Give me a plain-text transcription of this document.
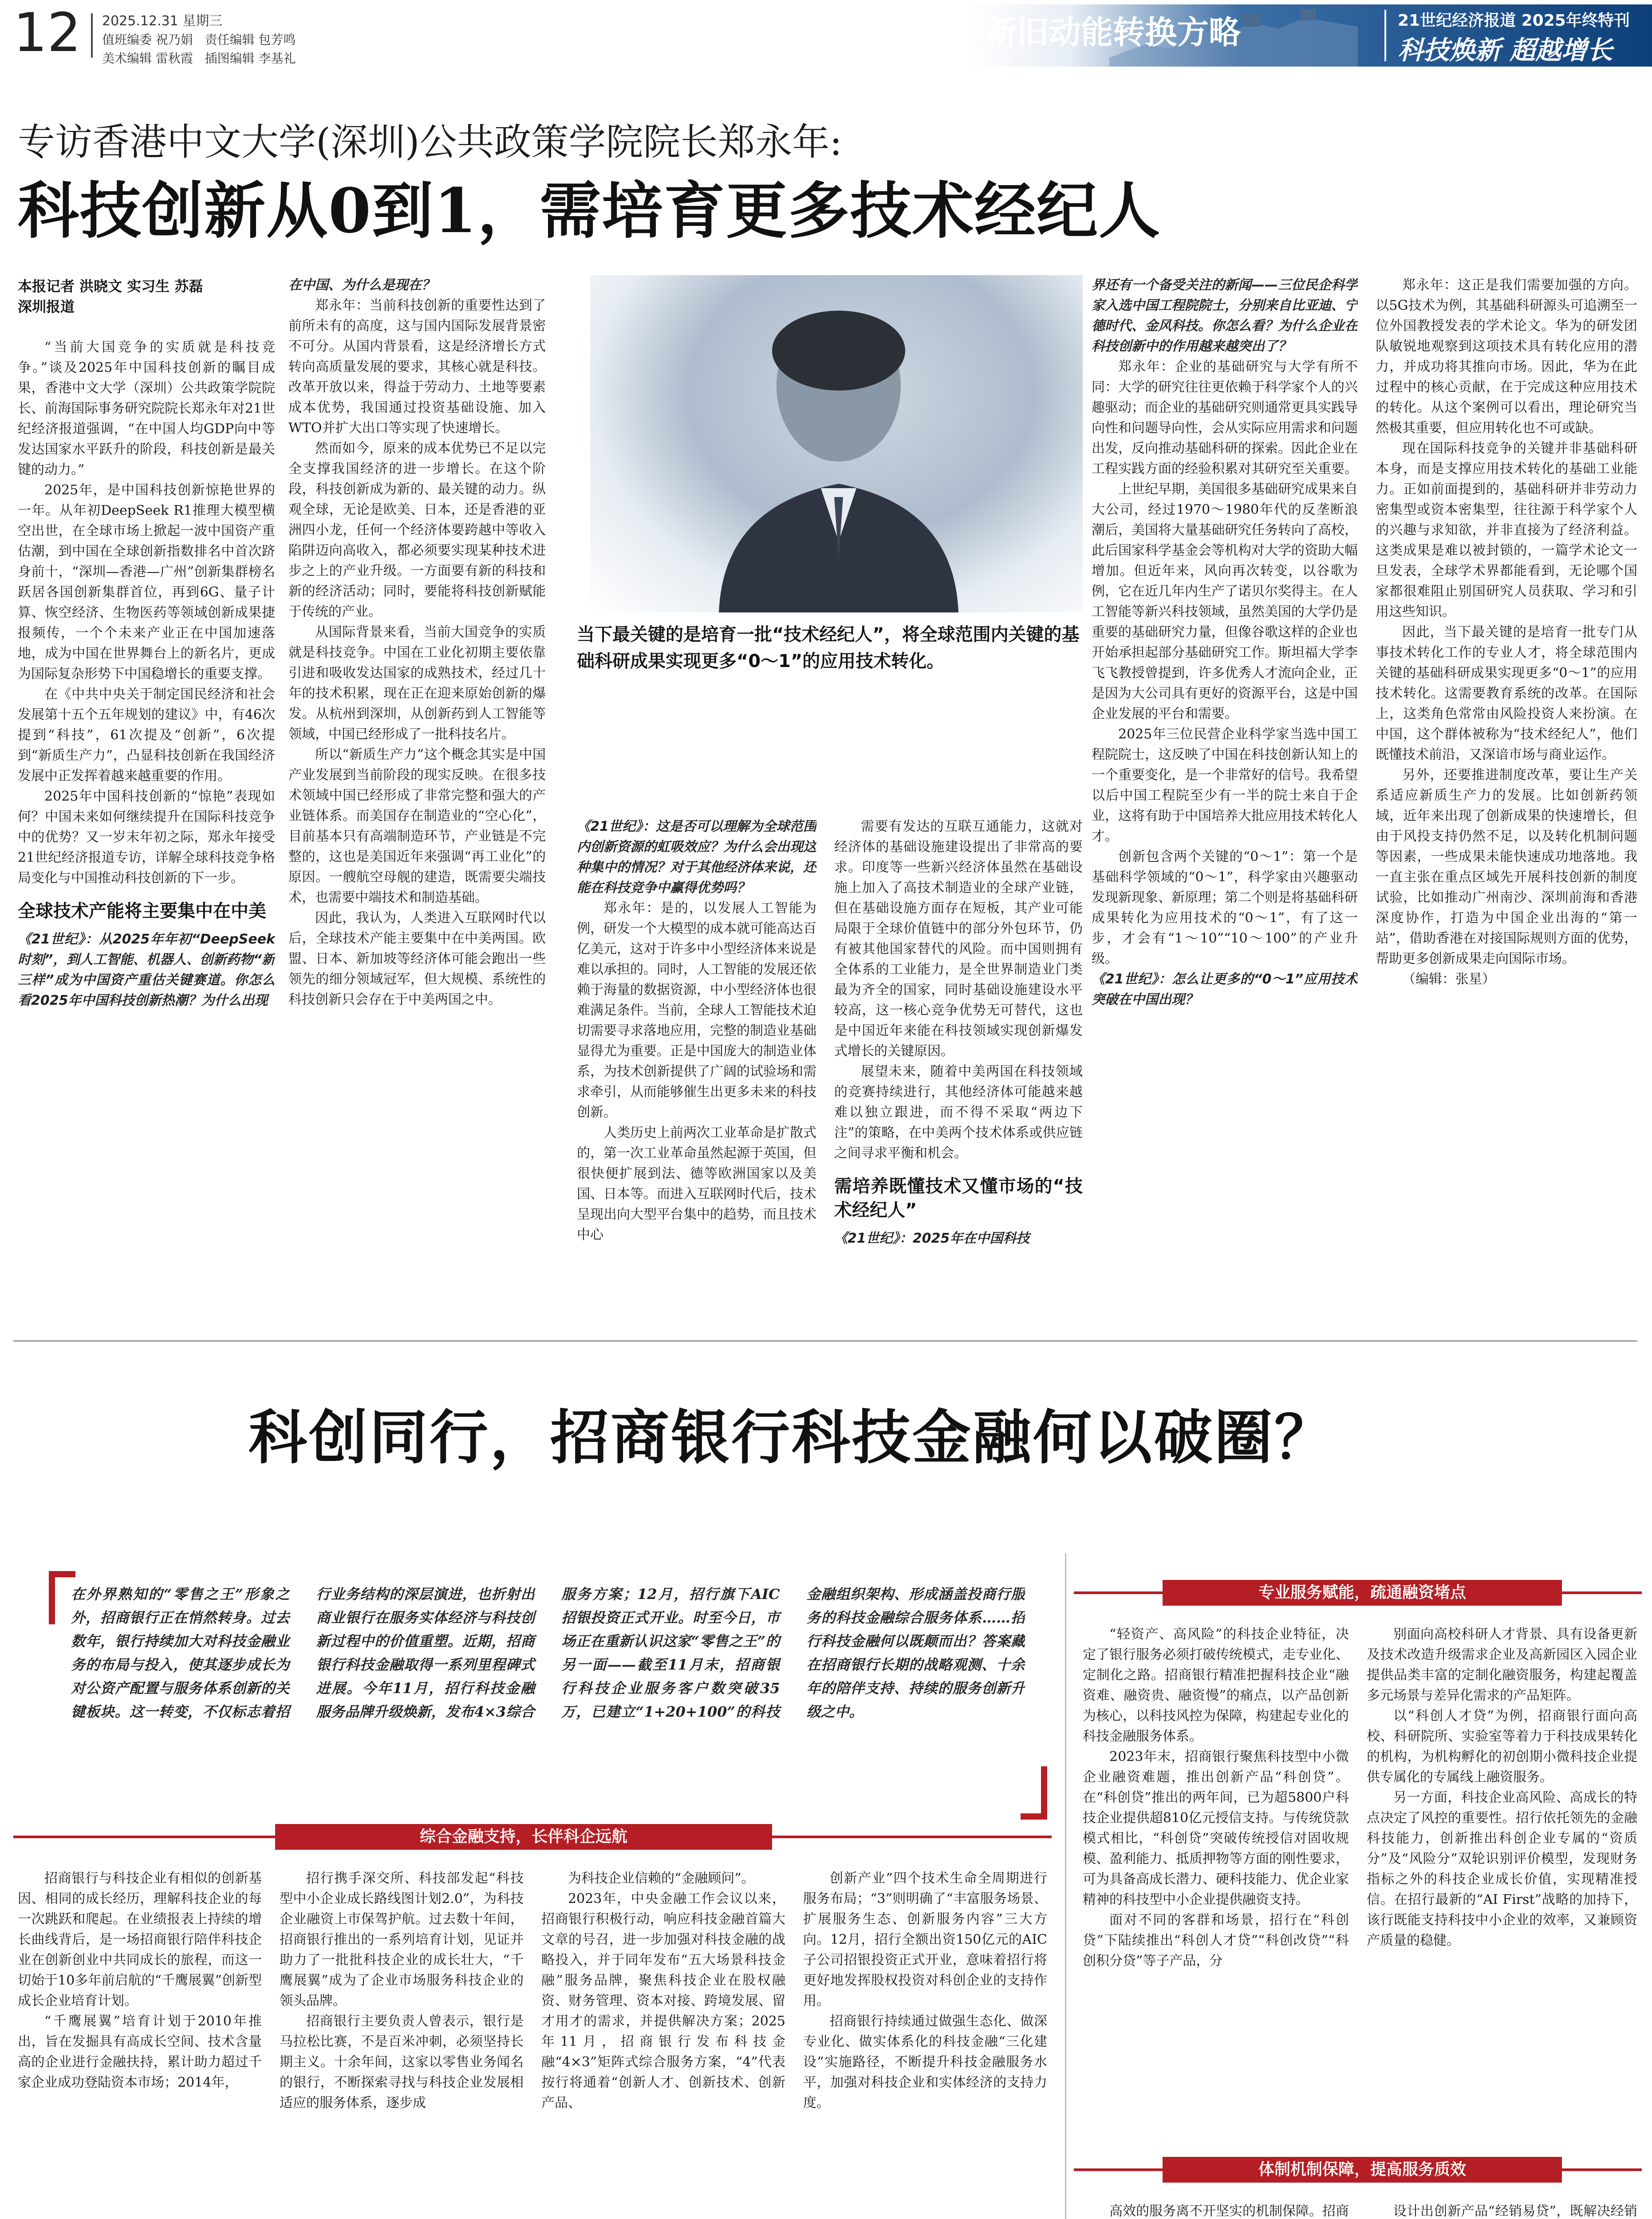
12 2025.12.31 星期三
值班编委 祝乃娟   责任编辑 包芳鸣
美术编辑 雷秋霞   插图编辑 李基礼
新旧动能转换方略	21世纪经济报道 2025年终特刊
科技焕新 超越增长
专访香港中文大学(深圳)公共政策学院院长郑永年:
科技创新从0到1，需培育更多技术经纪人
当下最关键的是培育一批“技术经纪人”，将全球范围内关键的基础科研成果实现更多“0～1”的应用技术转化。
本报记者 洪晓文 实习生 苏磊
深圳报道

“当前大国竞争的实质就是科技竞争。”谈及2025年中国科技创新的瞩目成果，香港中文大学（深圳）公共政策学院院长、前海国际事务研究院院长郑永年对21世纪经济报道强调，“在中国人均GDP向中等发达国家水平跃升的阶段，科技创新是最关键的动力。”

2025年，是中国科技创新惊艳世界的一年。从年初DeepSeek R1推理大模型横空出世，在全球市场上掀起一波中国资产重估潮，到中国在全球创新指数排名中首次跻身前十，“深圳—香港—广州”创新集群榜名跃居各国创新集群首位，再到6G、量子计算、恢空经济、生物医药等领域创新成果捷报频传，一个个未来产业正在中国加速落地，成为中国在世界舞台上的新名片，更成为国际复杂形势下中国稳增长的重要支撑。

在《中共中央关于制定国民经济和社会发展第十五个五年规划的建议》中，有46次提到“科技”，61次提及“创新”，6次提到“新质生产力”，凸显科技创新在我国经济发展中正发挥着越来越重要的作用。

2025年中国科技创新的“惊艳”表现如何？中国未来如何继续提升在国际科技竞争中的优势？又一岁末年初之际，郑永年接受21世纪经济报道专访，详解全球科技竞争格局变化与中国推动科技创新的下一步。

全球技术产能将主要集中在中美

《21世纪》：从2025年年初“DeepSeek时刻”，到人工智能、机器人、创新药物“新三样”成为中国资产重估关键赛道。你怎么看2025年中国科技创新热潮？为什么出现

在中国、为什么是现在？

郑永年：当前科技创新的重要性达到了前所未有的高度，这与国内国际发展背景密不可分。从国内背景看，这是经济增长方式转向高质量发展的要求，其核心就是科技。改革开放以来，得益于劳动力、土地等要素成本优势，我国通过投资基础设施、加入WTO并扩大出口等实现了快速增长。

然而如今，原来的成本优势已不足以完全支撑我国经济的进一步增长。在这个阶段，科技创新成为新的、最关键的动力。纵观全球，无论是欧美、日本，还是香港的亚洲四小龙，任何一个经济体要跨越中等收入陷阱迈向高收入，都必须要实现某种技术进步之上的产业升级。一方面要有新的科技和新的经济活动；同时，要能将科技创新赋能于传统的产业。

从国际背景来看，当前大国竞争的实质就是科技竞争。中国在工业化初期主要依靠引进和吸收发达国家的成熟技术，经过几十年的技术积累，现在正在迎来原始创新的爆发。从杭州到深圳，从创新药到人工智能等领域，中国已经形成了一批科技名片。

所以“新质生产力”这个概念其实是中国产业发展到当前阶段的现实反映。在很多技术领域中国已经形成了非常完整和强大的产业链体系。而美国存在制造业的“空心化”，目前基本只有高端制造环节，产业链是不完整的，这也是美国近年来强调“再工业化”的原因。一艘航空母舰的建造，既需要尖端技术，也需要中端技术和制造基础。

因此，我认为，人类进入互联网时代以后，全球技术产能主要集中在中美两国。欧盟、日本、新加坡等经济体可能会跑出一些领先的细分领域冠军，但大规模、系统性的科技创新只会存在于中美两国之中。

《21世纪》：这是否可以理解为全球范围内创新资源的虹吸效应？为什么会出现这种集中的情况？对于其他经济体来说，还能在科技竞争中赢得优势吗？

郑永年：是的，以发展人工智能为例，研发一个大模型的成本就可能高达百亿美元，这对于许多中小型经济体来说是难以承担的。同时，人工智能的发展还依赖于海量的数据资源，中小型经济体也很难满足条件。当前，全球人工智能技术迫切需要寻求落地应用，完整的制造业基础显得尤为重要。正是中国庞大的制造业体系，为技术创新提供了广阔的试验场和需求牵引，从而能够催生出更多未来的科技创新。

人类历史上前两次工业革命是扩散式的，第一次工业革命虽然起源于英国，但很快便扩展到法、德等欧洲国家以及美国、日本等。而进入互联网时代后，技术呈现出向大型平台集中的趋势，而且技术中心

需要有发达的互联互通能力，这就对经济体的基础设施建设提出了非常高的要求。印度等一些新兴经济体虽然在基础设施上加入了高技术制造业的全球产业链，但在基础设施方面存在短板，其产业可能局限于全球价值链中的部分外包环节，仍有被其他国家替代的风险。而中国则拥有全体系的工业能力，是全世界制造业门类最为齐全的国家，同时基础设施建设水平较高，这一核心竞争优势无可替代，这也是中国近年来能在科技领域实现创新爆发式增长的关键原因。

展望未来，随着中美两国在科技领域的竞赛持续进行，其他经济体可能越来越难以独立跟进，而不得不采取“两边下注”的策略，在中美两个技术体系或供应链之间寻求平衡和机会。

需培养既懂技术又懂市场的“技术经纪人”

《21世纪》：2025年在中国科技

界还有一个备受关注的新闻——三位民企科学家入选中国工程院院士，分别来自比亚迪、宁德时代、金风科技。你怎么看？为什么企业在科技创新中的作用越来越突出了？

郑永年：企业的基础研究与大学有所不同：大学的研究往往更依赖于科学家个人的兴趣驱动；而企业的基础研究则通常更具实践导向性和问题导向性，会从实际应用需求和问题出发，反向推动基础科研的探索。因此企业在工程实践方面的经验积累对其研究至关重要。

上世纪早期，美国很多基础研究成果来自大公司，经过1970～1980年代的反垄断浪潮后，美国将大量基础研究任务转向了高校，此后国家科学基金会等机构对大学的资助大幅增加。但近年来，风向再次转变，以谷歌为例，它在近几年内生产了诺贝尔奖得主。在人工智能等新兴科技领域，虽然美国的大学仍是重要的基础研究力量，但像谷歌这样的企业也开始承担起部分基础研究工作。斯坦福大学李飞飞教授曾提到，许多优秀人才流向企业，正是因为大公司具有更好的资源平台，这是中国企业发展的平台和需要。

2025年三位民营企业科学家当选中国工程院院士，这反映了中国在科技创新认知上的一个重要变化，是一个非常好的信号。我希望以后中国工程院至少有一半的院士来自于企业，这将有助于中国培养大批应用技术转化人才。

创新包含两个关键的“0～1”：第一个是基础科学领域的“0～1”，科学家由兴趣驱动发现新现象、新原理；第二个则是将基础科研成果转化为应用技术的“0～1”，有了这一步，才会有“1～10”“10～100”的产业升级。

《21世纪》：怎么让更多的“0～1”应用技术突破在中国出现？

郑永年：这正是我们需要加强的方向。以5G技术为例，其基础科研源头可追溯至一位外国教授发表的学术论文。华为的研发团队敏锐地观察到这项技术具有转化应用的潜力，并成功将其推向市场。因此，华为在此过程中的核心贡献，在于完成这种应用技术的转化。从这个案例可以看出，理论研究当然极其重要，但应用转化也不可或缺。

现在国际科技竞争的关键并非基础科研本身，而是支撑应用技术转化的基础工业能力。正如前面提到的，基础科研并非劳动力密集型或资本密集型，往往源于科学家个人的兴趣与求知欲，并非直接为了经济利益。这类成果是难以被封锁的，一篇学术论文一旦发表，全球学术界都能看到，无论哪个国家都很难阻止别国研究人员获取、学习和引用这些知识。

因此，当下最关键的是培育一批专门从事技术转化工作的专业人才，将全球范围内关键的基础科研成果实现更多“0～1”的应用技术转化。这需要教育系统的改革。在国际上，这类角色常常由风险投资人来扮演。在中国，这个群体被称为“技术经纪人”，他们既懂技术前沿，又深谙市场与商业运作。

另外，还要推进制度改革，要让生产关系适应新质生产力的发展。比如创新药领域，近年来出现了创新成果的快速增长，但由于风投支持仍然不足，以及转化机制问题等因素，一些成果未能快速成功地落地。我一直主张在重点区域先开展科技创新的制度试验，比如推动广州南沙、深圳前海和香港深度协作，打造为中国企业出海的“第一站”，借助香港在对接国际规则方面的优势，帮助更多创新成果走向国际市场。

（编辑：张星）

科创同行，招商银行科技金融何以破圈？
在外界熟知的“零售之王”形象之外，招商银行正在悄然转身。过去数年，银行持续加大对科技金融业务的布局与投入，使其逐步成长为对公资产配置与服务体系创新的关键板块。这一转变，不仅标志着招行业务结构的深层演进，也折射出商业银行在服务实体经济与科技创新过程中的价值重塑。近期，招商银行科技金融取得一系列里程碑式进展。今年11月，招行科技金融服务品牌升级焕新，发布4×3综合服务方案；12月，招行旗下AIC招银投资正式开业。时至今日，市场正在重新认识这家“零售之王”的另一面——截至11月末，招商银行科技企业服务客户数突破35万，已建立“1+20+100”的科技金融组织架构、形成涵盖投商行服务的科技金融综合服务体系……招行科技金融何以既颠而出？答案藏在招商银行长期的战略观测、十余年的陪伴支持、持续的服务创新升级之中。
综合金融支持，长伴科企远航

招商银行与科技企业有相似的创新基因、相同的成长经历，理解科技企业的每一次跳跃和爬起。在业绩报表上持续的增长曲线背后，是一场招商银行陪伴科技企业在创新创业中共同成长的旅程，而这一切始于10多年前启航的“千鹰展翼”创新型成长企业培育计划。

“千鹰展翼”培育计划于2010年推出，旨在发掘具有高成长空间、技术含量高的企业进行金融扶持，累计助力超过千家企业成功登陆资本市场；2014年，

招行携手深交所、科技部发起“科技型中小企业成长路线图计划2.0”，为科技企业融资上市保驾护航。过去数十年间，招商银行推出的一系列培育计划，见证并助力了一批批科技企业的成长壮大，“千鹰展翼”成为了企业市场服务科技企业的领头品牌。

招商银行主要负责人曾表示，银行是马拉松比赛，不是百米冲刺，必须坚持长期主义。十余年间，这家以零售业务闻名的银行，不断探索寻找与科技企业发展相适应的服务体系，逐步成

为科技企业信赖的“金融顾问”。

2023年，中央金融工作会议以来，招商银行积极行动，响应科技金融首篇大文章的号召，进一步加强对科技金融的战略投入，并于同年发布“五大场景科技金融”服务品牌，聚焦科技企业在股权融资、财务管理、资本对接、跨境发展、留才用才的需求，并提供解决方案；2025年11月，招商银行发布科技金融“4×3”矩阵式综合服务方案，“4”代表按行将通着“创新人才、创新技术、创新产品、

创新产业”四个技术生命全周期进行服务布局；“3”则明确了“丰富服务场景、扩展服务生态、创新服务内容”三大方向。12月，招行全额出资150亿元的AIC子公司招银投资正式开业，意味着招行将更好地发挥股权投资对科创企业的支持作用。

招商银行持续通过做强生态化、做深专业化、做实体系化的科技金融“三化建设”实施路径，不断提升科技金融服务水平，加强对科技企业和实体经济的支持力度。

专业服务赋能，疏通融资堵点

“轻资产、高风险”的科技企业特征，决定了银行服务必须打破传统模式，走专业化、定制化之路。招商银行精准把握科技企业“融资难、融资贵、融资慢”的痛点，以产品创新为核心，以科技风控为保障，构建起专业化的科技金融服务体系。

2023年末，招商银行聚焦科技型中小微企业融资难题，推出创新产品“科创贷”。在“科创贷”推出的两年间，已为超5800户科技企业提供超810亿元授信支持。与传统贷款模式相比，“科创贷”突破传统授信对固收规模、盈利能力、抵质押物等方面的刚性要求，可为具备高成长潜力、硬科技能力、优企业家精神的科技型中小企业提供融资支持。

面对不同的客群和场景，招行在“科创贷”下陆续推出“科创人才贷”“科创改贷”“科创积分贷”等子产品，分

别面向高校科研人才背景、具有设备更新及技术改造升级需求企业及高新园区入园企业提供品类丰富的定制化融资服务，构建起覆盖多元场景与差异化需求的产品矩阵。

以“科创人才贷”为例，招商银行面向高校、科研院所、实验室等着力于科技成果转化的机构，为机构孵化的初创期小微科技企业提供专属化的专属线上融资服务。

另一方面，科技企业高风险、高成长的特点决定了风控的重要性。招行依托领先的金融科技能力，创新推出科创企业专属的“资质分”及“风险分”双轮识别评价模型，发现财务指标之外的科技企业成长价值，实现精准授信。在招行最新的“AI First”战略的加持下，该行既能支持科技中小企业的效率，又兼顾资产质量的稳健。

体制机制保障，提高服务质效

高效的服务离不开坚实的机制保障。招商	设计出创新产品“经销易贷”，既解决经销
